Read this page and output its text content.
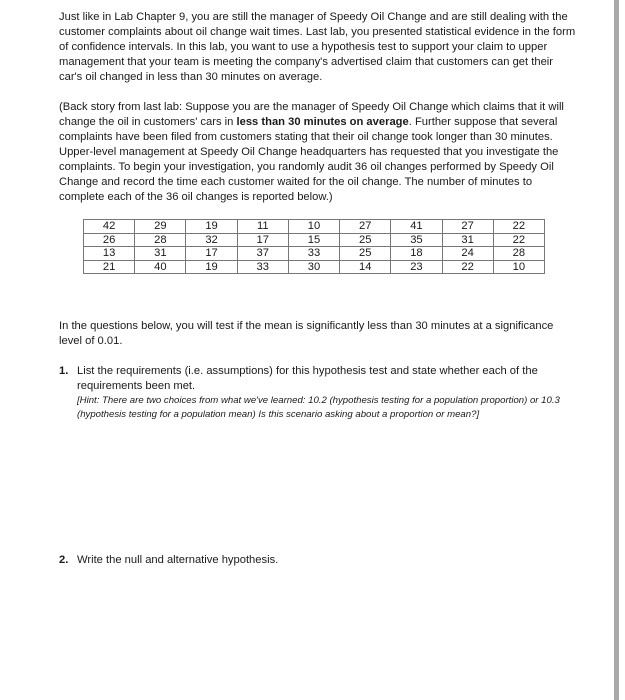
Just like in Lab Chapter 9, you are still the manager of Speedy Oil Change and are still dealing with the customer complaints about oil change wait times. Last lab, you presented statistical evidence in the form of confidence intervals. In this lab, you want to use a hypothesis test to support your claim to upper management that your team is meeting the company's advertised claim that customers can get their car's oil changed in less than 30 minutes on average.
(Back story from last lab: Suppose you are the manager of Speedy Oil Change which claims that it will change the oil in customers' cars in less than 30 minutes on average. Further suppose that several complaints have been filed from customers stating that their oil change took longer than 30 minutes. Upper-level management at Speedy Oil Change headquarters has requested that you investigate the complaints. To begin your investigation, you randomly audit 36 oil changes performed by Speedy Oil Change and record the time each customer waited for the oil change. The number of minutes to complete each of the 36 oil changes is reported below.)
42	29	19	11	10	27	41	27	22
26	28	32	17	15	25	35	31	22
13	31	17	37	33	25	18	24	28
21	40	19	33	30	14	23	22	10
In the questions below, you will test if the mean is significantly less than 30 minutes at a significance level of 0.01.
1. List the requirements (i.e. assumptions) for this hypothesis test and state whether each of the requirements been met.
[Hint: There are two choices from what we've learned: 10.2 (hypothesis testing for a population proportion) or 10.3 (hypothesis testing for a population mean) Is this scenario asking about a proportion or mean?]
2. Write the null and alternative hypothesis.
